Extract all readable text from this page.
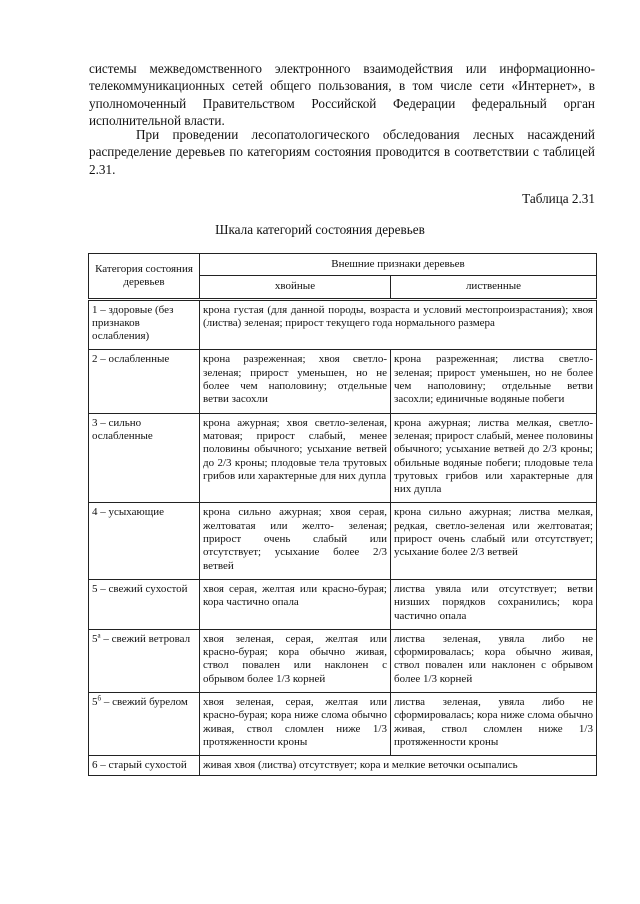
системы межведомственного электронного взаимодействия или информационно-телекоммуникационных сетей общего пользования, в том числе сети «Интернет», в уполномоченный Правительством Российской Федерации федеральный орган исполнительной власти.

При проведении лесопатологического обследования лесных насаждений распределение деревьев по категориям состояния проводится в соответствии с таблицей 2.31.

Таблица 2.31
Шкала категорий состояния деревьев
Категория состояния деревьев	Внешние признаки деревьев	
	хвойные	лиственные
1 – здоровые (без признаков ослабления)	крона густая (для данной породы, возраста и условий местопроизрастания); хвоя (листва) зеленая; прирост текущего года нормального размера	
2 – ослабленные	крона разреженная; хвоя светло-зеленая; прирост уменьшен, но не более чем наполовину; отдельные ветви засохли	крона разреженная; листва светло-зеленая; прирост уменьшен, но не более чем наполовину; отдельные ветви засохли; единичные водяные побеги
3 – сильно ослабленные	крона ажурная; хвоя светло-зеленая, матовая; прирост слабый, менее половины обычного; усыхание ветвей до 2/3 кроны; плодовые тела трутовых грибов или характерные для них дупла	крона ажурная; листва мелкая, светло-зеленая; прирост слабый, менее половины обычного; усыхание ветвей до 2/3 кроны; обильные водяные побеги; плодовые тела трутовых грибов или характерные для них дупла
4 – усыхающие	крона сильно ажурная; хвоя серая, желтоватая или желто- зеленая; прирост очень слабый или отсутствует; усыхание более 2/3 ветвей	крона сильно ажурная; листва мелкая, редкая, светло-зеленая или желтоватая; прирост очень слабый или отсутствует; усыхание более 2/3 ветвей
5 – свежий сухостой	хвоя серая, желтая или красно-бурая; кора частично опала	листва увяла или отсутствует; ветви низших порядков сохранились; кора частично опала
$5^а$ – свежий ветровал	хвоя зеленая, серая, желтая или красно-бурая; кора обычно живая, ствол повален или наклонен с обрывом более 1/3 корней	листва зеленая, увяла либо не сформировалась; кора обычно живая, ствол повален или наклонен с обрывом более 1/3 корней
$5^б$ – свежий бурелом	хвоя зеленая, серая, желтая или красно-бурая; кора ниже слома обычно живая, ствол сломлен ниже 1/3 протяженности кроны	листва зеленая, увяла либо не сформировалась; кора ниже слома обычно живая, ствол сломлен ниже 1/3 протяженности кроны
6 – старый сухостой	живая хвоя (листва) отсутствует; кора и мелкие веточки осыпались	
